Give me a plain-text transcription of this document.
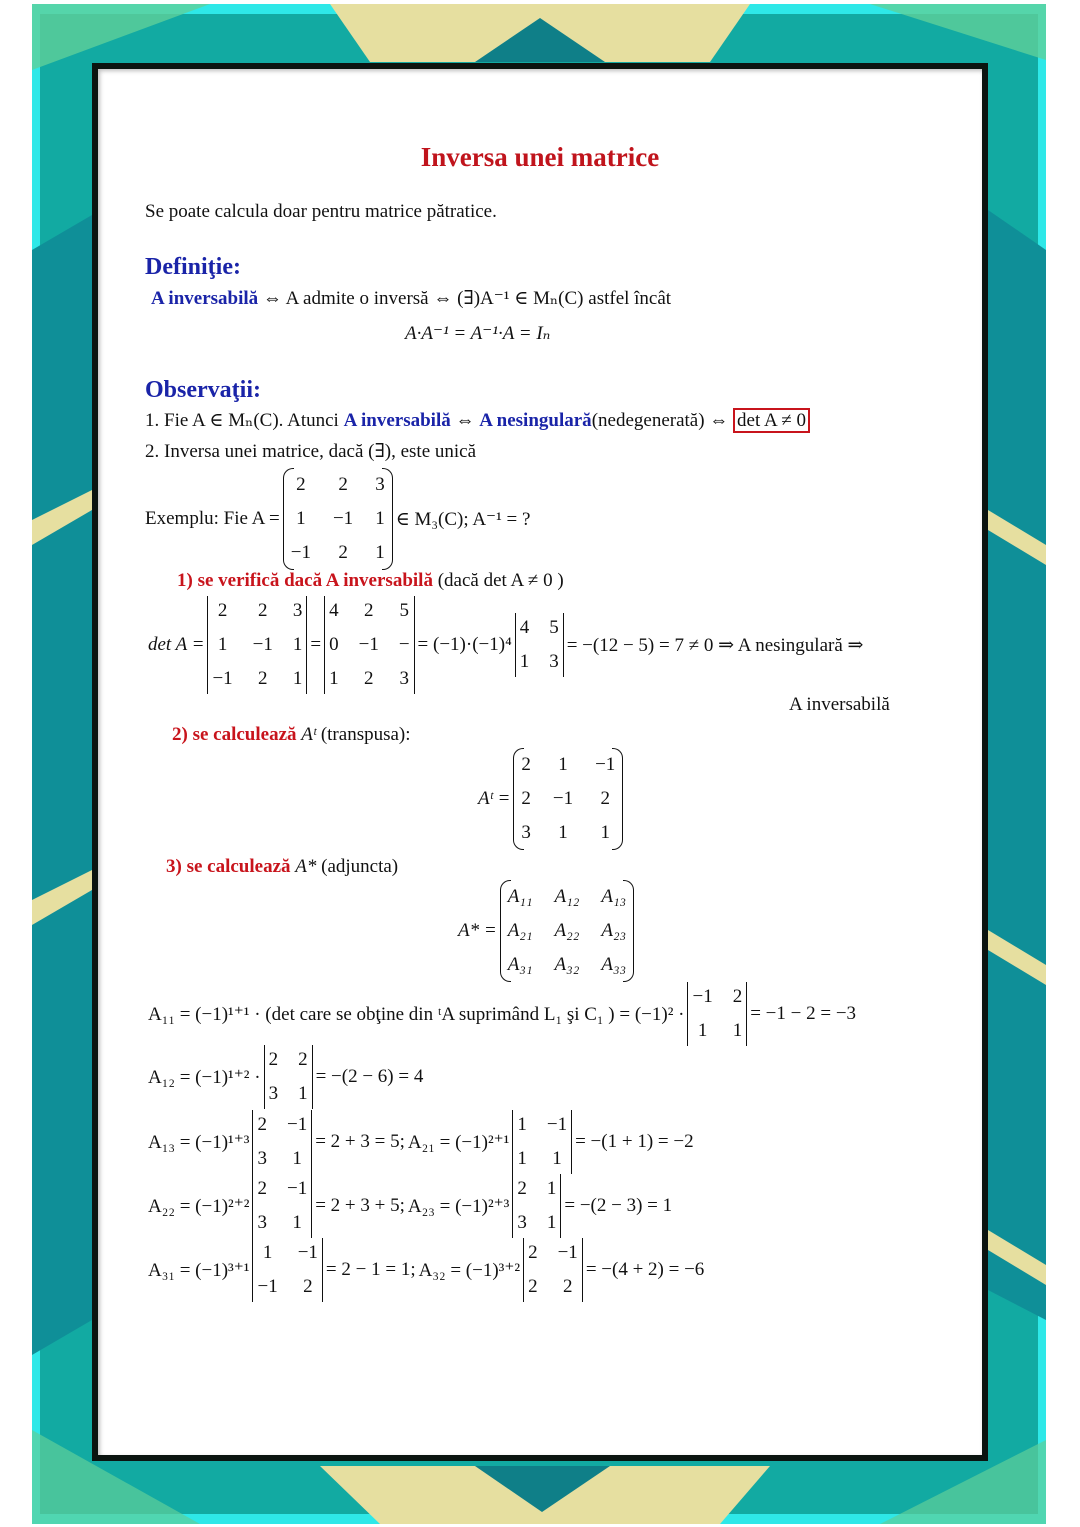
Inversa unei matrice
Se poate calcula doar pentru matrice pătratice.
Definiţie:
A inversabilă ⇔ A admite o inversă ⇔ (∃)A⁻¹ ∈ Mₙ(C) astfel încât
A·A⁻¹ = A⁻¹·A = Iₙ
Observaţii:
1. Fie A ∈ Mₙ(C). Atunci A inversabilă ⇔ A nesingulară(nedegenerată) ⇔ det A ≠ 0
2. Inversa unei matrice, dacă (∃), este unică
Exemplu: Fie A =
2 2 3
1 −1 1
−1 2 1
∈ M₃(C); A⁻¹ = ?
1) se verifică dacă A inversabilă (dacă det A ≠ 0 )
det A =
2 2 3
1 −1 1
−1 2 1
=
4 2 5
0 −1 −
1 2 3
= (−1)·(−1)⁴
4 5
1 3
= −(12 − 5) = 7 ≠ 0 ⇒ A nesingulară ⇒
A inversabilă
2) se calculează Aᵗ (transpusa):
Aᵗ =
2 1 −1
2 −1 2
3 1 1
3) se calculează A* (adjuncta)
A* =
A₁₁ A₁₂ A₁₃
A₂₁ A₂₂ A₂₃
A₃₁ A₃₂ A₃₃
A₁₁ = (−1)¹⁺¹ · (det care se obţine din ᵗA suprimând L₁ şi C₁ ) = (−1)² ·
−1 2
1 1
= −1 − 2 = −3
A₁₂ = (−1)¹⁺² ·
2 2
3 1
= −(2 − 6) = 4
A₁₃ = (−1)¹⁺³
2 −1
3 1
= 2 + 3 = 5; A₂₁ = (−1)²⁺¹
1 −1
1 1
= −(1 + 1) = −2
A₂₂ = (−1)²⁺²
2 −1
3 1
= 2 + 3 + 5; A₂₃ = (−1)²⁺³
2 1
3 1
= −(2 − 3) = 1
A₃₁ = (−1)³⁺¹
1 −1
−1 2
= 2 − 1 = 1; A₃₂ = (−1)³⁺²
2 −1
2 2
= −(4 + 2) = −6
